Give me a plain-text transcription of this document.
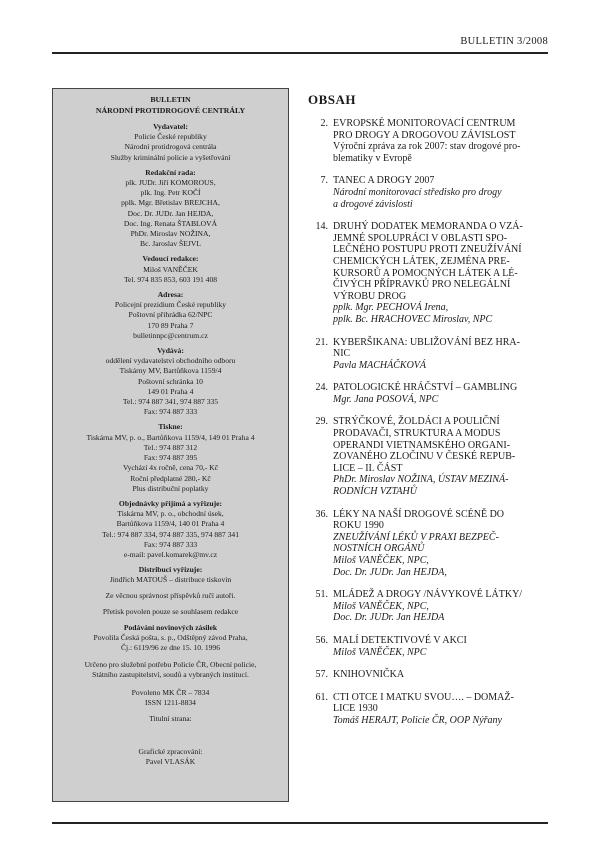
BULLETIN 3/2008
BULLETIN
NÁRODNÍ PROTIDROGOVÉ CENTRÁLY
Vydavatel:
Policie České republiky
Národní protidrogová centrála
Služby kriminální policie a vyšetřování
Redakční rada:
plk. JUDr. Jiří KOMOROUS,
plk. Ing. Petr KOČÍ
pplk. Mgr. Břetislav BREJCHA,
Doc. Dr. JUDr. Jan HEJDA,
Doc. Ing. Renata ŠTABLOVÁ
PhDr. Miroslav NOŽINA,
Bc. Jaroslav ŠEJVL
Vedoucí redakce:
Miloš VANĚČEK
Tel. 974 835 853, 603 191 408
Adresa:
Policejní prezidium České republiky
Poštovní přihrádka 62/NPC
170 89 Praha 7
bulletinnpc@centrum.cz
Vydává:
oddělení vydavatelství obchodního odboru
Tiskárny MV, Bartůňkova 1159/4
Poštovní schránka 10
149 01 Praha 4
Tel.: 974 887 341, 974 887 335
Fax: 974 887 333
Tiskne:
Tiskárna MV, p. o., Bartůňkova 1159/4, 149 01 Praha 4
Tel.: 974 887 312
Fax: 974 887 395
Vychází 4x ročně, cena 70,- Kč
Roční předplatné 280,- Kč
Plus distribuční poplatky
Objednávky přijímá a vyřizuje:
Tiskárna MV, p. o., obchodní úsek,
Bartůňkova 1159/4, 140 01 Praha 4
Tel.: 974 887 334, 974 887 335, 974 887 341
Fax: 974 887 333
e-mail: pavel.komarek@mv.cz
Distribuci vyřizuje:
Jindřich MATOUŠ – distribuce tiskovin
Ze věcnou správnost příspěvků ručí autoři.
Přetisk povolen pouze se souhlasem redakce
Podávání novinových zásilek
Povolila Česká pošta, s. p., Odštěpný závod Praha,
Čj.: 6119/96 ze dne 15. 10. 1996
Určeno pro služební potřebu Policie ČR, Obecní policie,
Státního zastupitelství, soudů a vybraných institucí.
Povoleno MK ČR – 7834
ISSN 1211-8834
Titulní strana:
Grafické zpracování:
Pavel VLASÁK
OBSAH
2. EVROPSKÉ MONITOROVACÍ CENTRUM
PRO DROGY A DROGOVOU ZÁVISLOST
Výroční zpráva za rok 2007: stav drogové pro-
blematiky v Evropě
7. TANEC A DROGY 2007
Národní monitorovací středisko pro drogy
a drogové závislosti
14. DRUHÝ DODATEK MEMORANDA O VZÁ-
JEMNÉ SPOLUPRÁCI V OBLASTI SPO-
LEČNÉHO POSTUPU PROTI ZNEUŽÍVÁNÍ
CHEMICKÝCH LÁTEK, ZEJMÉNA PRE-
KURSORŮ A POMOCNÝCH LÁTEK A LÉ-
ČIVÝCH PŘÍPRAVKŮ PRO NELEGÁLNÍ
VÝROBU DROG
pplk. Mgr. PECHOVÁ Irena,
pplk. Bc. HRACHOVEC Miroslav, NPC
21. KYBERŠIKANA: UBLIŽOVÁNÍ BEZ HRA-
NIC
Pavla MACHÁČKOVÁ
24. PATOLOGICKÉ HRÁČSTVÍ – GAMBLING
Mgr. Jana POSOVÁ, NPC
29. STRÝČKOVÉ, ŽOLDÁCI A POULIČNÍ
PRODAVAČI, STRUKTURA A MODUS
OPERANDI VIETNAMSKÉHO ORGANI-
ZOVANÉHO ZLOČINU V ČESKÉ REPUB-
LICE – II. ČÁST
PhDr. Miroslav NOŽINA, ÚSTAV MEZINÁ-
RODNÍCH VZTAHŮ
36. LÉKY NA NAŠÍ DROGOVÉ SCÉNĚ DO
ROKU 1990
ZNEUŽÍVÁNÍ LÉKŮ V PRAXI BEZPEČ-
NOSTNÍCH ORGÁNŮ
Miloš VANĚČEK, NPC,
Doc. Dr. JUDr. Jan HEJDA,
51. MLÁDEŽ A DROGY /NÁVYKOVÉ LÁTKY/
Miloš VANĚČEK, NPC,
Doc. Dr. JUDr. Jan HEJDA
56. MALÍ DETEKTIVOVÉ V AKCI
Miloš VANĚČEK, NPC
57. KNIHOVNIČKA
61. CTI OTCE I MATKU SVOU…. – DOMAŽ-
LICE 1930
Tomáš HERAJT, Policie ČR, OOP Nýřany
